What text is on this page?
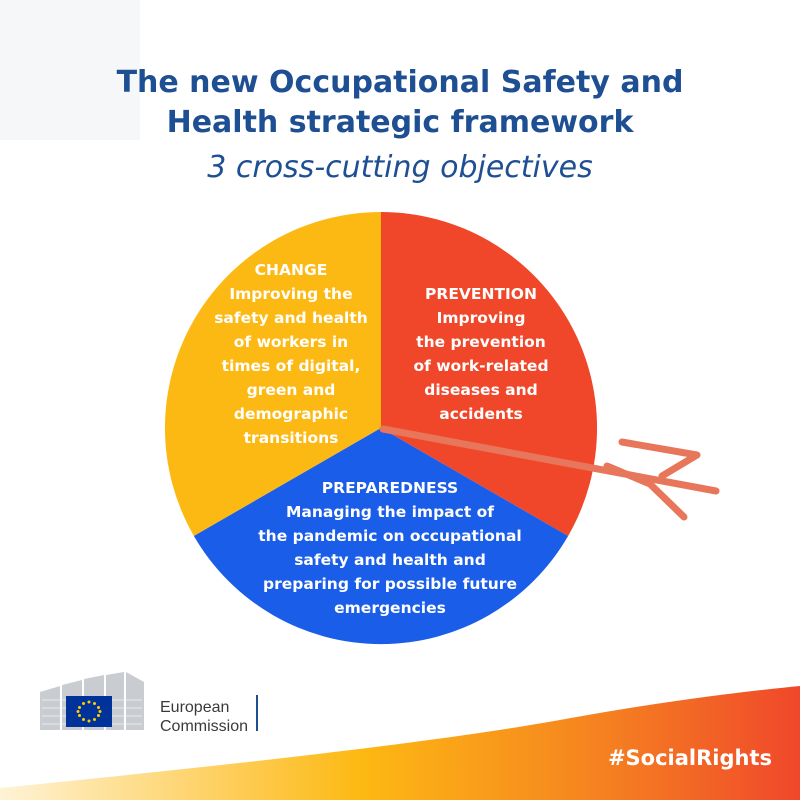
The new Occupational Safety and
Health strategic framework
3 cross-cutting objectives
CHANGE
Improving the
safety and health
of workers in
times of digital,
green and
demographic
transitions
PREVENTION
Improving
the prevention
of work-related
diseases and
accidents
PREPAREDNESS
Managing the impact of
the pandemic on occupational
safety and health and
preparing for possible future
emergencies
European
Commission
#SocialRights
